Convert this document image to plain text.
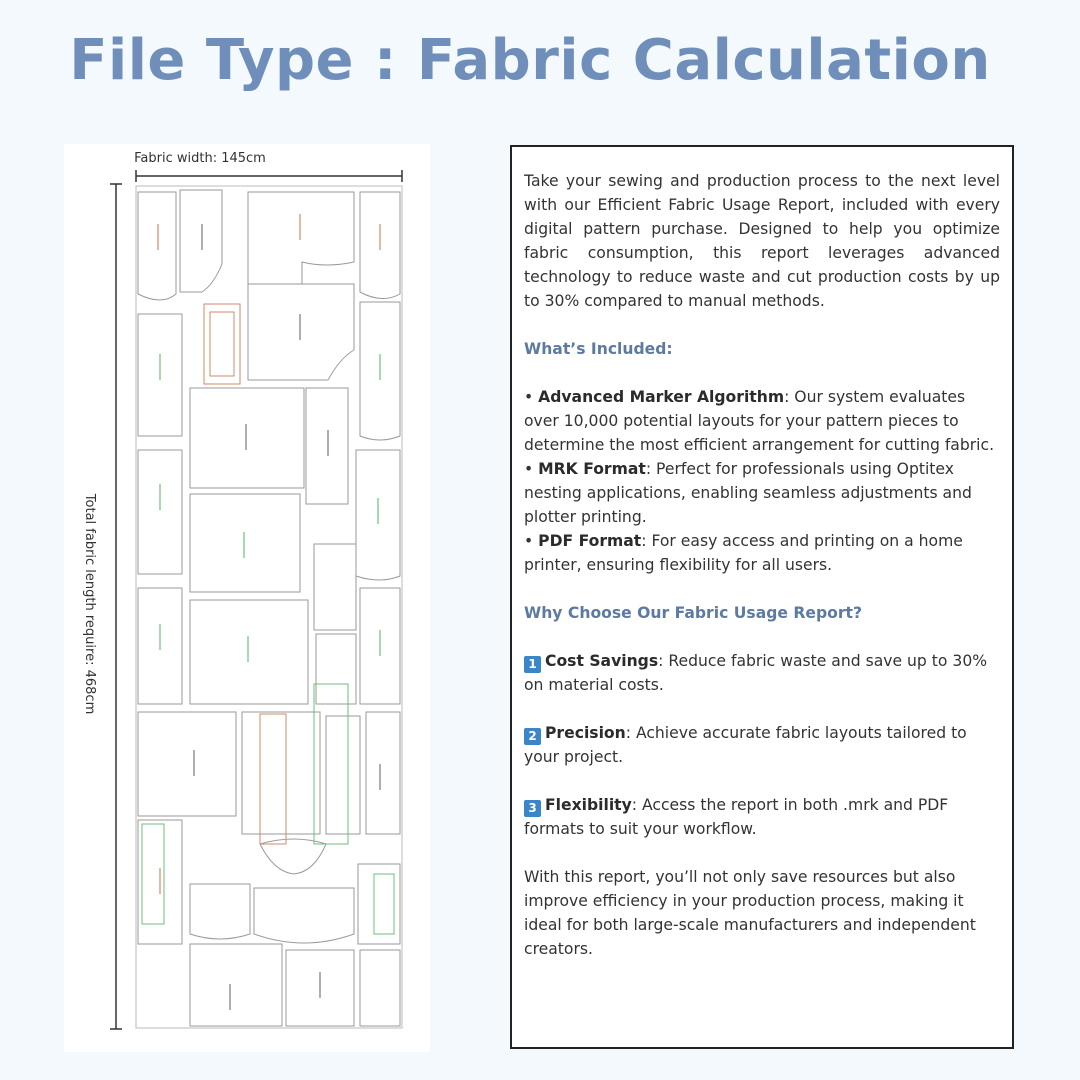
File Type : Fabric Calculation
Fabric width: 145cm
Total fabric length require: 468cm

Take your sewing and production process to the next level with our Efficient Fabric Usage Report, included with every digital pattern purchase. Designed to help you optimize fabric consumption, this report leverages advanced technology to reduce waste and cut production costs by up to 30% compared to manual methods.

What’s Included:

• Advanced Marker Algorithm: Our system evaluates over 10,000 potential layouts for your pattern pieces to determine the most efficient arrangement for cutting fabric.

• MRK Format: Perfect for professionals using Optitex nesting applications, enabling seamless adjustments and plotter printing.

• PDF Format: For easy access and printing on a home printer, ensuring flexibility for all users.

Why Choose Our Fabric Usage Report?

1 Cost Savings: Reduce fabric waste and save up to 30% on material costs.

2 Precision: Achieve accurate fabric layouts tailored to your project.

3 Flexibility: Access the report in both .mrk and PDF formats to suit your workflow.

With this report, you’ll not only save resources but also improve efficiency in your production process, making it ideal for both large-scale manufacturers and independent creators.
